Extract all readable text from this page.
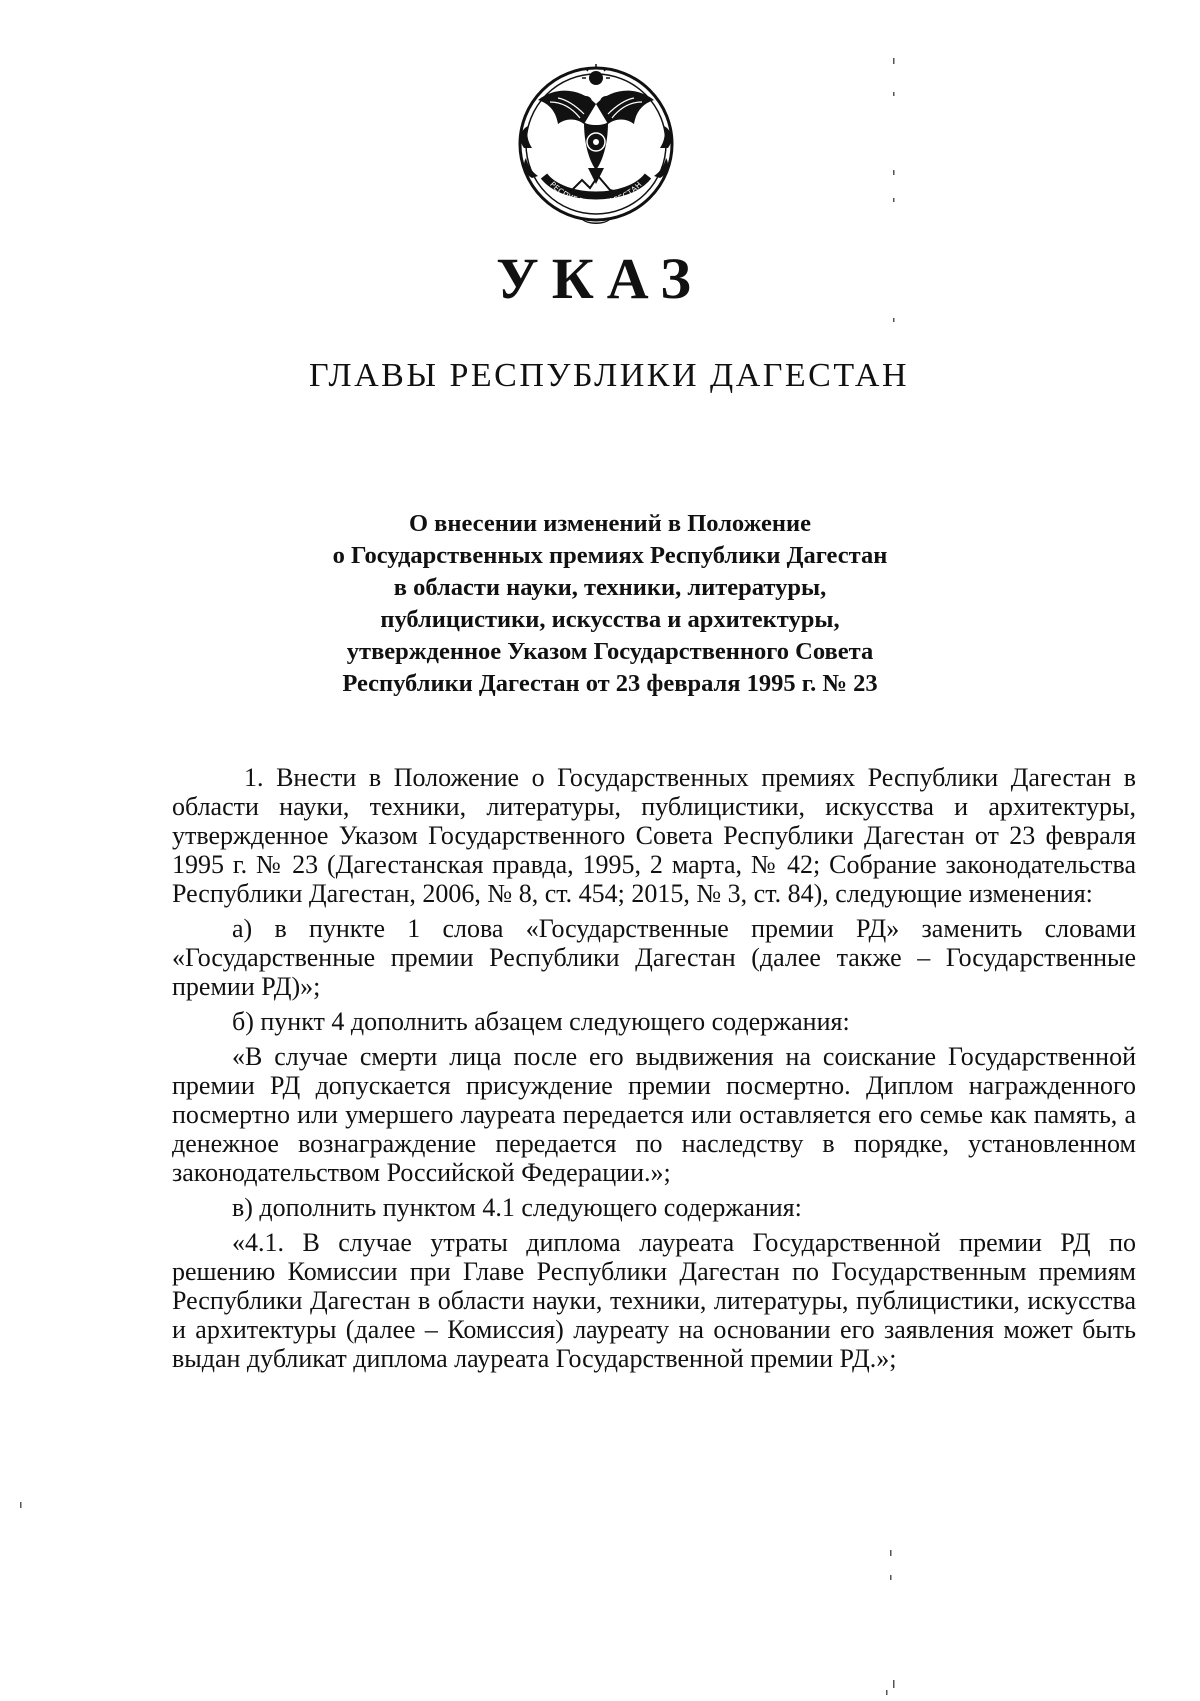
РЕСПУБЛИКА ДАГЕСТАН
УКАЗ
ГЛАВЫ РЕСПУБЛИКИ ДАГЕСТАН
О внесении изменений в Положение
о Государственных премиях Республики Дагестан
в области науки, техники, литературы,
публицистики, искусства и архитектуры,
утвержденное Указом Государственного Совета
Республики Дагестан от 23 февраля 1995 г. № 23

1. Внести в Положение о Государственных премиях Республики Дагестан в области науки, техники, литературы, публицистики, искусства и архитектуры, утвержденное Указом Государственного Совета Республики Дагестан от 23 февраля 1995 г. № 23 (Дагестанская правда, 1995, 2 марта, № 42; Собрание законодательства Республики Дагестан, 2006, № 8, ст. 454; 2015, № 3, ст. 84), следующие изменения:

а) в пункте 1 слова «Государственные премии РД» заменить словами «Государственные премии Республики Дагестан (далее также – Государственные премии РД)»;

б) пункт 4 дополнить абзацем следующего содержания:

«В случае смерти лица после его выдвижения на соискание Государственной премии РД допускается присуждение премии посмертно. Диплом награжденного посмертно или умершего лауреата передается или оставляется его семье как память, а денежное вознаграждение передается по наследству в порядке, установленном законодательством Российской Федерации.»;

в) дополнить пунктом 4.1 следующего содержания:

«4.1. В случае утраты диплома лауреата Государственной премии РД по решению Комиссии при Главе Республики Дагестан по Государственным премиям Республики Дагестан в области науки, техники, литературы, публицистики, искусства и архитектуры (далее – Комиссия) лауреату на основании его заявления может быть выдан дубликат диплома лауреата Государственной премии РД.»;
